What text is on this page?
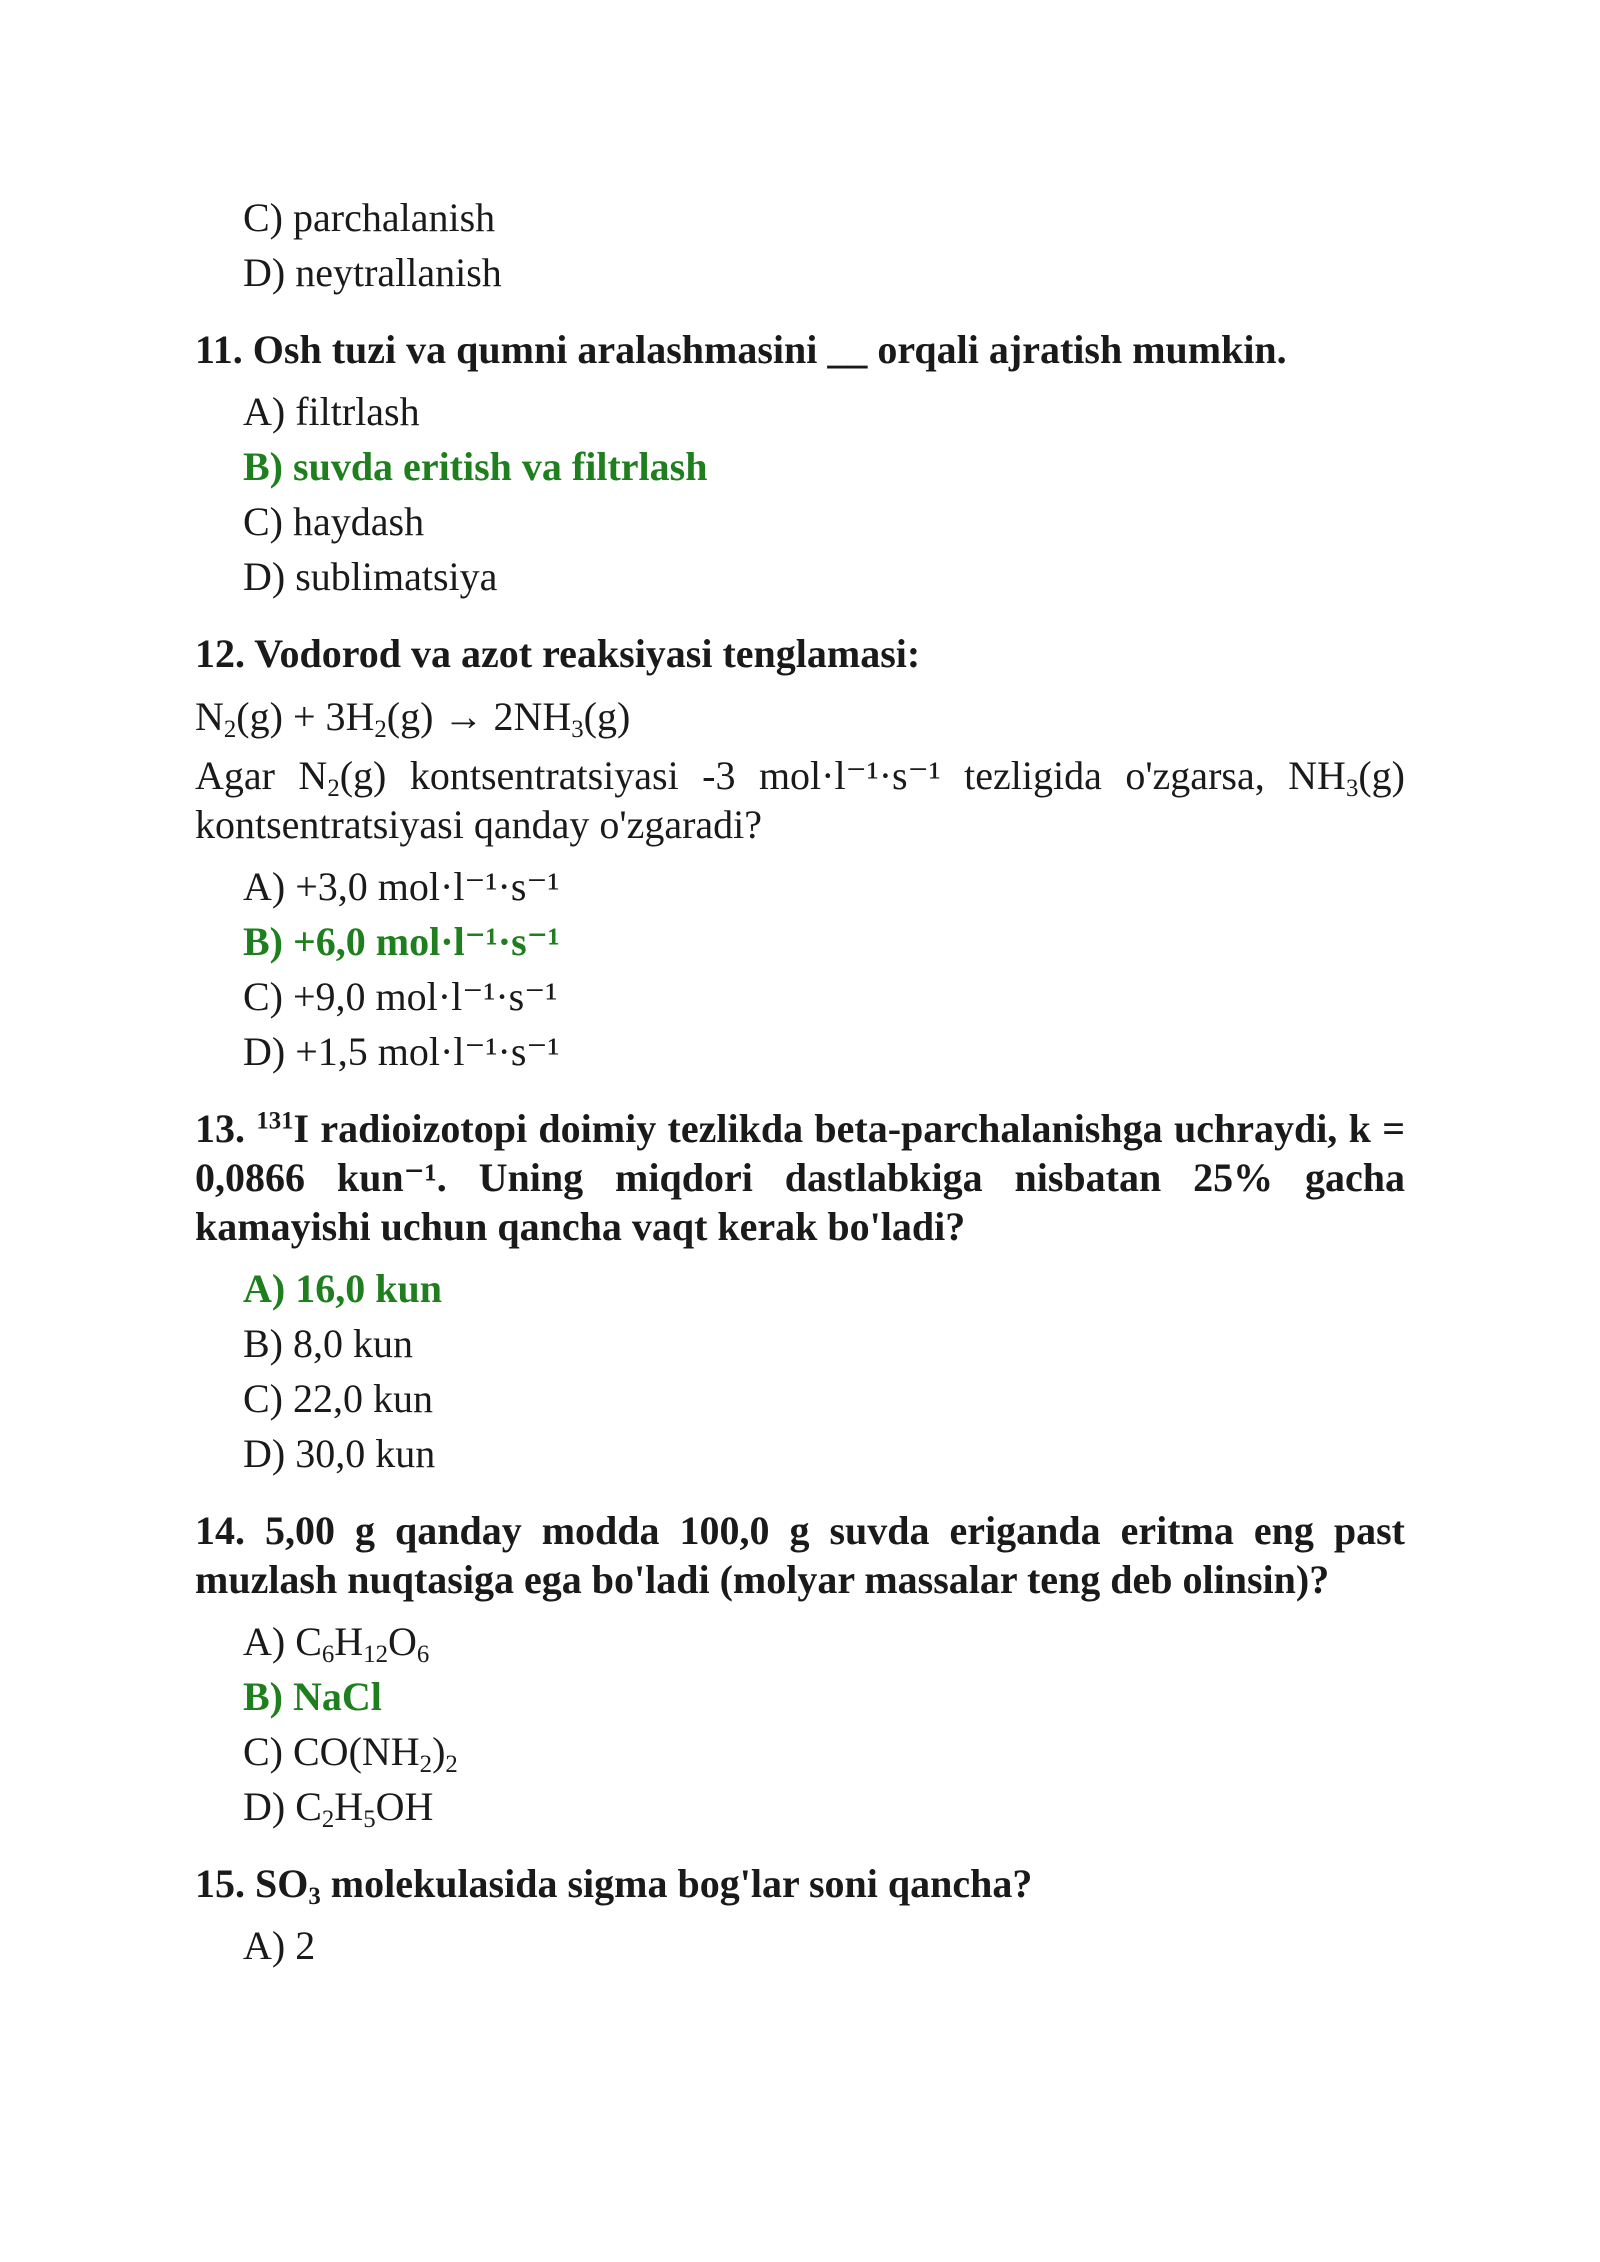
C) parchalanish

D) neytrallanish

11. Osh tuzi va qumni aralashmasini __ orqali ajratish mumkin.

A) filtrlash

B) suvda eritish va filtrlash

C) haydash

D) sublimatsiya

12. Vodorod va azot reaksiyasi tenglamasi:

$N_2(g) + 3H_2(g) \to 2NH_3(g)$

Agar $N_2(g)$ kontsentratsiyasi -3 mol·l⁻¹·s⁻¹ tezligida o'zgarsa, $NH_3(g)$ kontsentratsiyasi qanday o'zgaradi?

A) +3,0 mol·l⁻¹·s⁻¹

B) +6,0 mol·l⁻¹·s⁻¹

C) +9,0 mol·l⁻¹·s⁻¹

D) +1,5 mol·l⁻¹·s⁻¹

13. $^{131}$I radioizotopi doimiy tezlikda beta-parchalanishga uchraydi, k = 0,0866 kun⁻¹. Uning miqdori dastlabkiga nisbatan 25% gacha kamayishi uchun qancha vaqt kerak bo'ladi?

A) 16,0 kun

B) 8,0 kun

C) 22,0 kun

D) 30,0 kun

14. 5,00 g qanday modda 100,0 g suvda eriganda eritma eng past muzlash nuqtasiga ega bo'ladi (molyar massalar teng deb olinsin)?

A) $C_6H_{12}O_6$

B) NaCl

C) $CO(NH_2)_2$

D) $C_2H_5OH$

15. $SO_3$ molekulasida sigma bog'lar soni qancha?

A) 2
